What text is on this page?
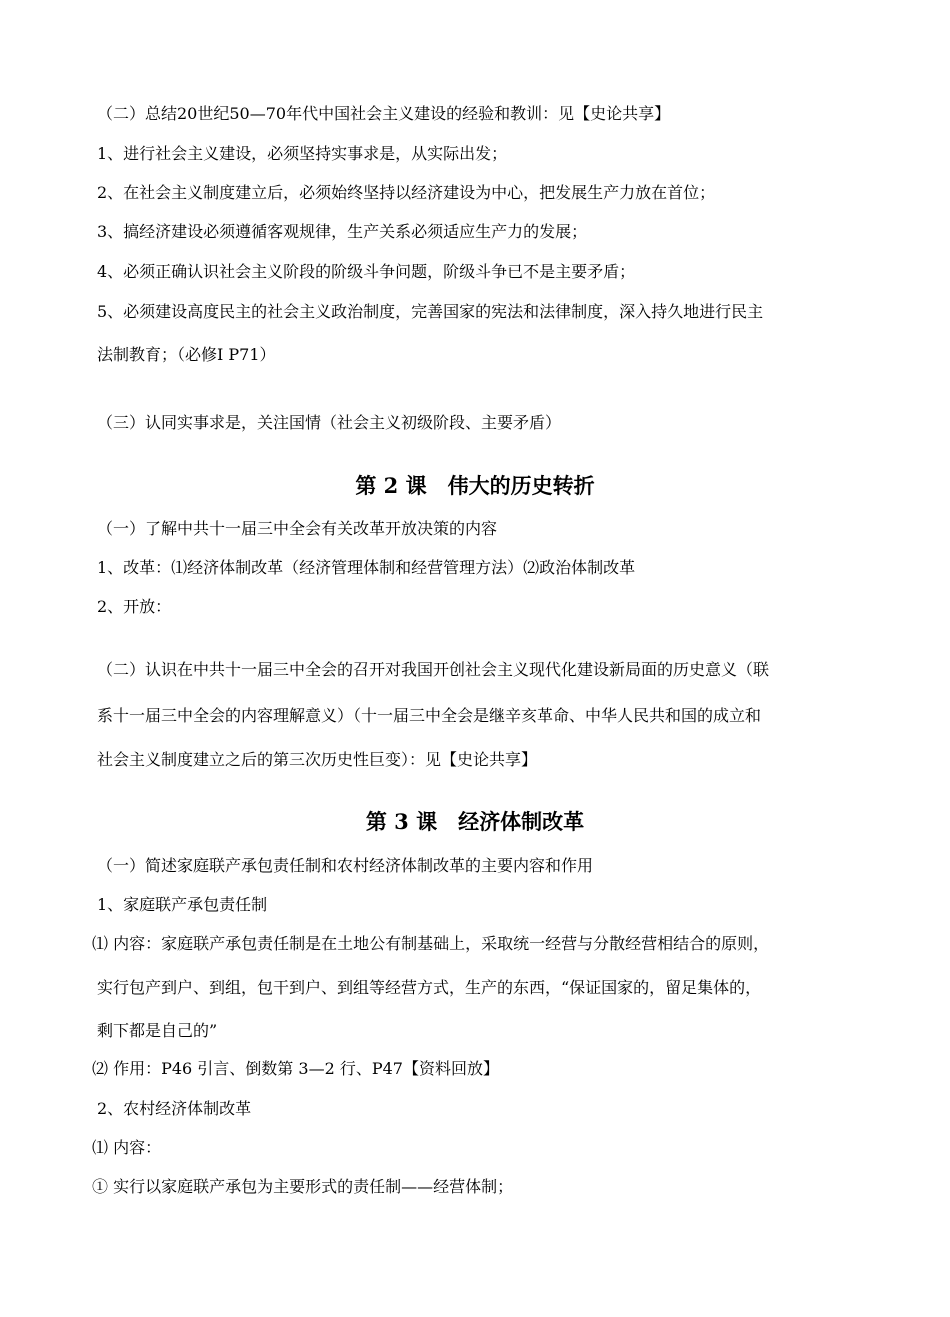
（二）总结20世纪50—70年代中国社会主义建设的经验和教训：见【史论共享】
1、进行社会主义建设，必须坚持实事求是，从实际出发；
2、在社会主义制度建立后，必须始终坚持以经济建设为中心，把发展生产力放在首位；
3、搞经济建设必须遵循客观规律，生产关系必须适应生产力的发展；
4、必须正确认识社会主义阶段的阶级斗争问题，阶级斗争已不是主要矛盾；
5、必须建设高度民主的社会主义政治制度，完善国家的宪法和法律制度，深入持久地进行民主
法制教育；（必修Ⅰ P71）
（三）认同实事求是，关注国情（社会主义初级阶段、主要矛盾）
第 2 课　伟大的历史转折
（一）了解中共十一届三中全会有关改革开放决策的内容
1、改革：⑴经济体制改革（经济管理体制和经营管理方法）⑵政治体制改革
2、开放：
（二）认识在中共十一届三中全会的召开对我国开创社会主义现代化建设新局面的历史意义（联
系十一届三中全会的内容理解意义）（十一届三中全会是继辛亥革命、中华人民共和国的成立和
社会主义制度建立之后的第三次历史性巨变）：见【史论共享】
第 3 课　经济体制改革
（一）简述家庭联产承包责任制和农村经济体制改革的主要内容和作用
1、家庭联产承包责任制
⑴ 内容：家庭联产承包责任制是在土地公有制基础上，采取统一经营与分散经营相结合的原则，
实行包产到户、到组，包干到户、到组等经营方式，生产的东西，“保证国家的，留足集体的，
剩下都是自己的”
⑵ 作用：P46 引言、倒数第 3—2 行、P47【资料回放】
2、农村经济体制改革
⑴ 内容：
① 实行以家庭联产承包为主要形式的责任制——经营体制；
